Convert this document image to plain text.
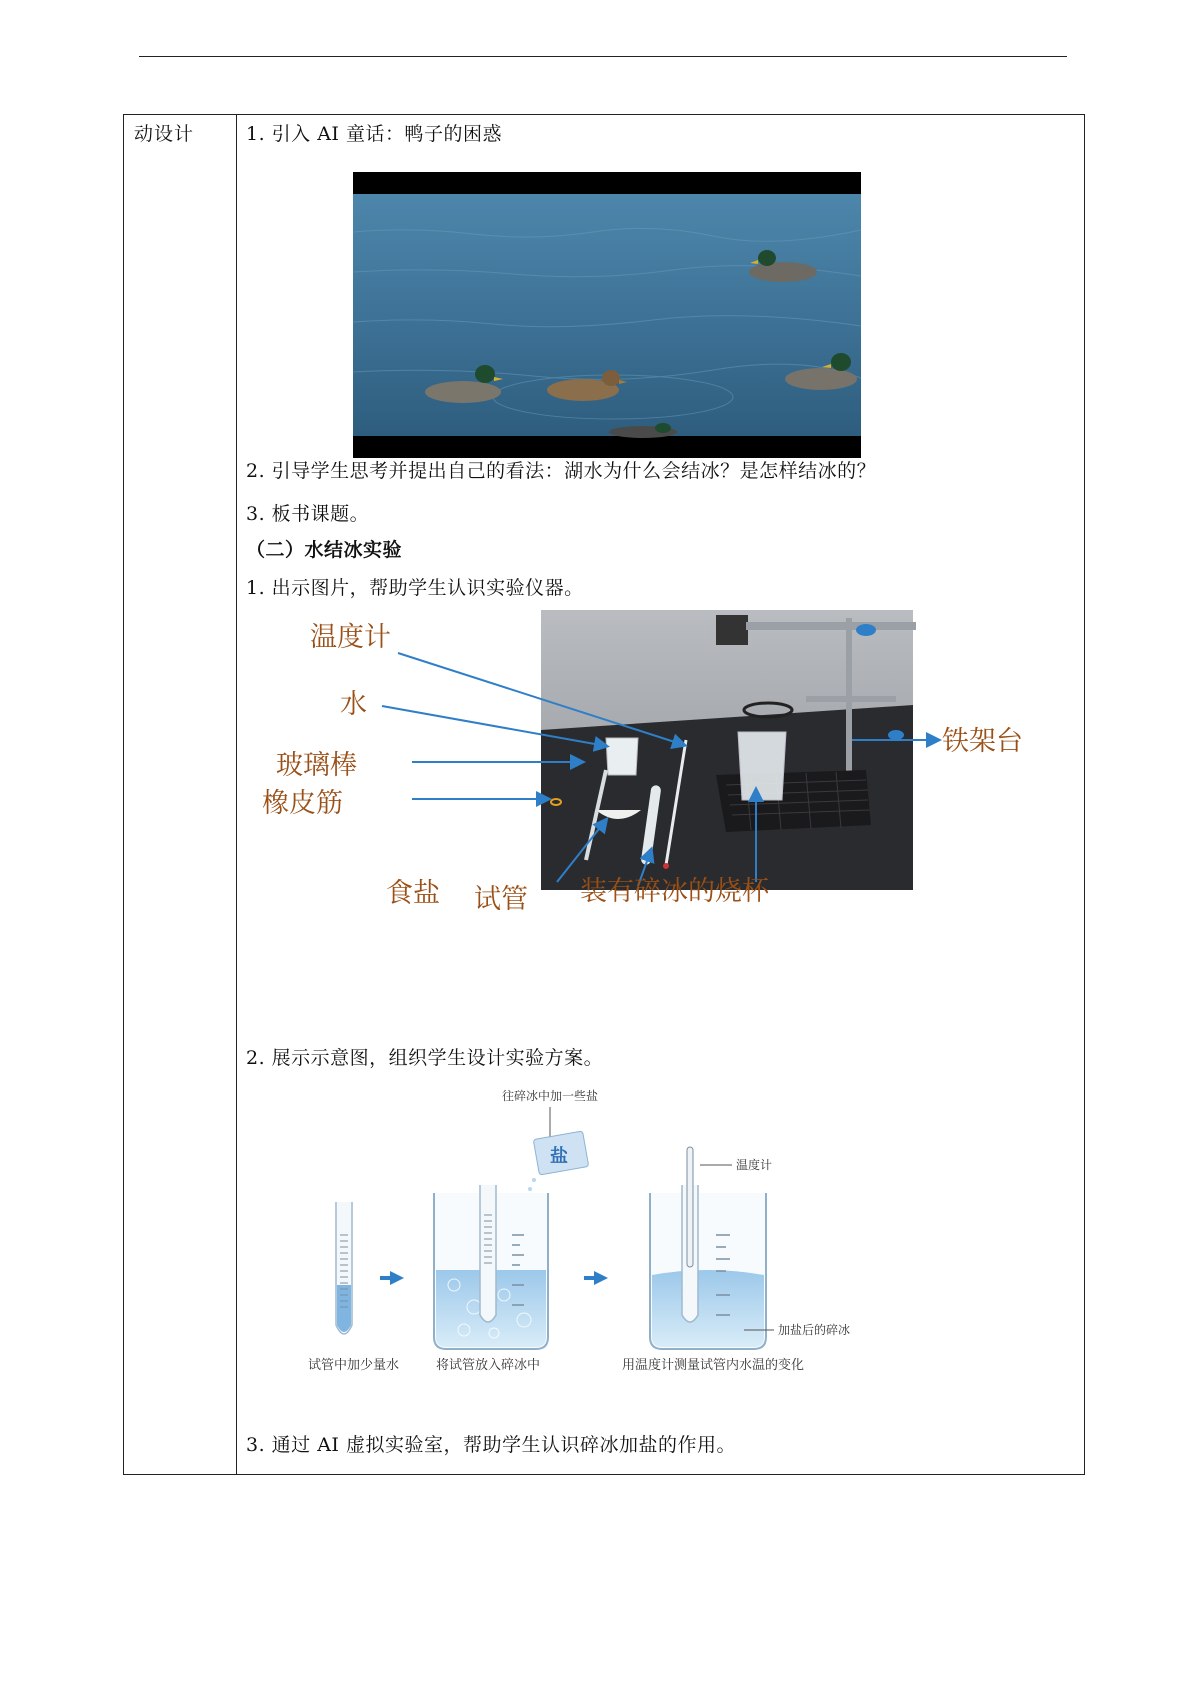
动设计	1. 引入 AI 童话：鸭子的困惑
2. 引导学生思考并提出自己的看法：湖水为什么会结冰？是怎样结冰的？
3. 板书课题。
（二）水结冰实验
1. 出示图片，帮助学生认识实验仪器。
温度计
水
玻璃棒
橡皮筋
食盐 试管 装有碎冰的烧杯
铁架台
2. 展示示意图，组织学生设计实验方案。
往碎冰中加一些盐
盐	温度计
加盐后的碎冰
试管中加少量水	将试管放入碎冰中	用温度计测量试管内水温的变化
3. 通过 AI 虚拟实验室，帮助学生认识碎冰加盐的作用。
